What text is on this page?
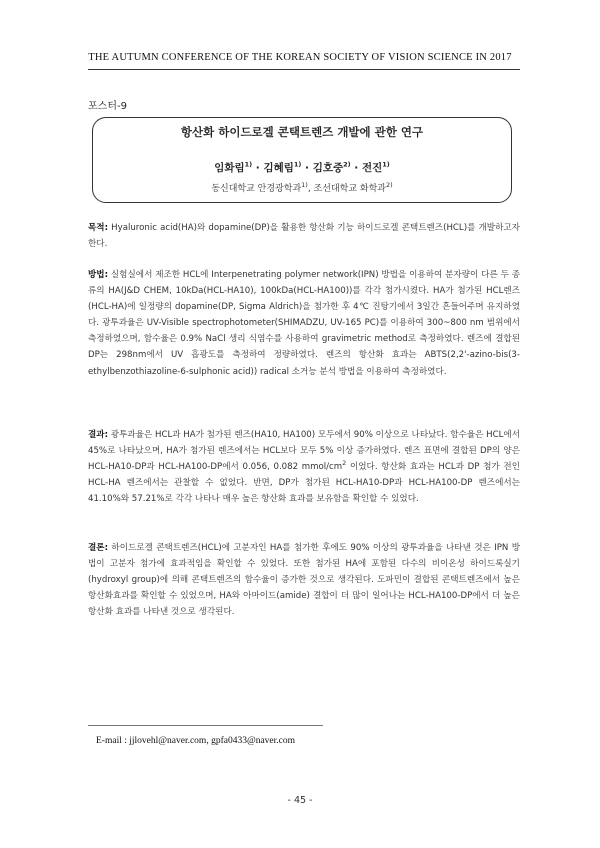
THE AUTUMN CONFERENCE OF THE KOREAN SOCIETY OF VISION SCIENCE IN 2017
포스터-9
항산화 하이드로겔 콘택트렌즈 개발에 관한 연구
임화림$^{1)}$ · 김혜림$^{1)}$ · 김호중$^{2)}$ · 전진$^{1)}$
동신대학교 안경광학과$^{1)}$, 조선대학교 화학과$^{2)}$
목적: Hyaluronic acid(HA)와 dopamine(DP)을 활용한 항산화 기능 하이드로겔 콘택트렌즈(HCL)를 개발하고자 한다.
방법: 실험실에서 제조한 HCL에 Interpenetrating polymer network(IPN) 방법을 이용하여 분자량이 다른 두 종류의 HA(J&D CHEM, 10kDa(HCL-HA10), 100kDa(HCL-HA100))를 각각 첨가시켰다. HA가 첨가된 HCL렌즈(HCL-HA)에 일정량의 dopamine(DP, Sigma Aldrich)을 첨가한 후 4℃ 진탕기에서 3일간 흔들어주며 유지하였다. 광투과율은 UV-Visible spectrophotometer(SHIMADZU, UV-165 PC)를 이용하여 300~800 nm 범위에서 측정하였으며, 함수율은 0.9% NaCl 생리 식염수를 사용하여 gravimetric method로 측정하였다. 렌즈에 결합된 DP는 298nm에서 UV 흡광도를 측정하여 정량하였다. 렌즈의 항산화 효과는 ABTS(2,2'-azino-bis(3-ethylbenzothiazoline-6-sulphonic acid)) radical 소거능 분석 방법을 이용하여 측정하였다.
결과: 광투과율은 HCL과 HA가 첨가된 렌즈(HA10, HA100) 모두에서 90% 이상으로 나타났다. 함수율은 HCL에서 45%로 나타났으며, HA가 첨가된 렌즈에서는 HCL보다 모두 5% 이상 증가하였다. 렌즈 표면에 결합된 DP의 양은 HCL-HA10-DP과 HCL-HA100-DP에서 0.056, 0.082 mmol/$cm^2$ 이었다. 항산화 효과는 HCL과 DP 첨가 전인 HCL-HA 렌즈에서는 관찰할 수 없었다. 반면, DP가 첨가된 HCL-HA10-DP과 HCL-HA100-DP 렌즈에서는 41.10%와 57.21%로 각각 나타나 매우 높은 항산화 효과를 보유함을 확인할 수 있었다.
결론: 하이드로겔 콘택트렌즈(HCL)에 고분자인 HA를 첨가한 후에도 90% 이상의 광투과율을 나타낸 것은 IPN 방법이 고분자 첨가에 효과적임을 확인할 수 있었다. 또한 첨가된 HA에 포함된 다수의 비이온성 하이드록실기(hydroxyl group)에 의해 콘택트렌즈의 함수율이 증가한 것으로 생각된다. 도파민이 결합된 콘택트렌즈에서 높은 항산화효과를 확인할 수 있었으며, HA와 아마이드(amide) 결합이 더 많이 일어나는 HCL-HA100-DP에서 더 높은 항산화 효과를 나타낸 것으로 생각된다.
E-mail : jjlovehl@naver.com, gpfa0433@naver.com
- 45 -
